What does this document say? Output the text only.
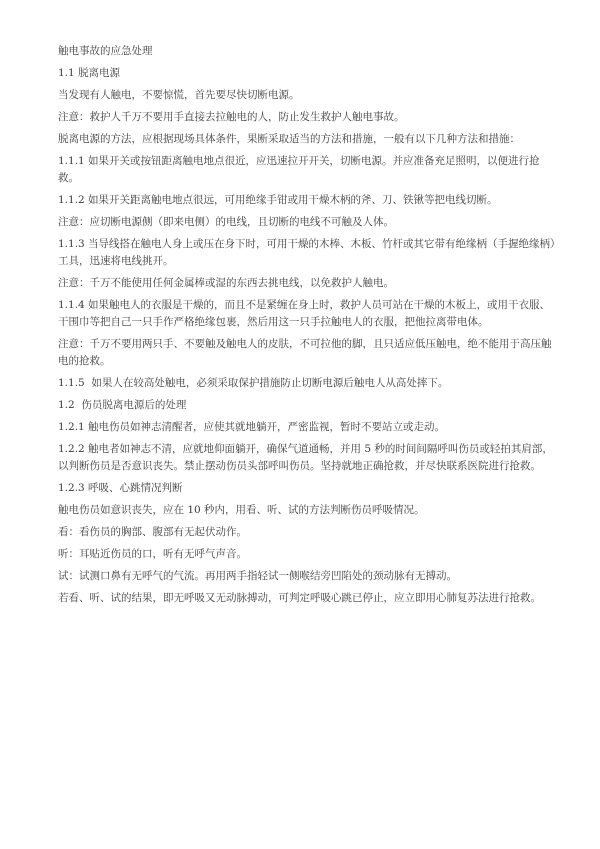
触电事故的应急处理
1.1 脱离电源
当发现有人触电，不要惊慌，首先要尽快切断电源。
注意：救护人千万不要用手直接去拉触电的人，防止发生救护人触电事故。
脱离电源的方法，应根据现场具体条件，果断采取适当的方法和措施，一般有以下几种方法和措施：
1.1.1 如果开关或按钮距离触电地点很近，应迅速拉开开关，切断电源。并应准备充足照明，以便进行抢救。
1.1.2 如果开关距离触电地点很远，可用绝缘手钳或用干燥木柄的斧、刀、铁锹等把电线切断。
注意：应切断电源侧（即来电侧）的电线，且切断的电线不可触及人体。
1.1.3 当导线搭在触电人身上或压在身下时，可用干燥的木棒、木板、竹杆或其它带有绝缘柄（手握绝缘柄）工具，迅速将电线挑开。
注意：千万不能使用任何金属棒或湿的东西去挑电线，以免救护人触电。
1.1.4 如果触电人的衣服是干燥的，而且不是紧缠在身上时，救护人员可站在干燥的木板上，或用干衣服、干围巾等把自己一只手作严格绝缘包裹，然后用这一只手拉触电人的衣服，把他拉离带电体。
注意：千万不要用两只手、不要触及触电人的皮肤，不可拉他的脚，且只适应低压触电，绝不能用于高压触电的抢救。
1.1.5  如果人在较高处触电，必须采取保护措施防止切断电源后触电人从高处摔下。
1.2  伤员脱离电源后的处理
1.2.1 触电伤员如神志清醒者，应使其就地躺开，严密监视，暂时不要站立或走动。
1.2.2 触电者如神志不清，应就地仰面躺开，确保气道通畅，并用 5 秒的时间间隔呼叫伤员或轻拍其肩部，以判断伤员是否意识丧失。禁止摆动伤员头部呼叫伤员。坚持就地正确抢救，并尽快联系医院进行抢救。
1.2.3 呼吸、心跳情况判断
触电伤员如意识丧失，应在 10 秒内，用看、听、试的方法判断伤员呼吸情况。
看：看伤员的胸部、腹部有无起伏动作。
听：耳贴近伤员的口，听有无呼气声音。
试：试测口鼻有无呼气的气流。再用两手指轻试一侧喉结旁凹陷处的颈动脉有无搏动。
若看、听、试的结果，即无呼吸又无动脉搏动，可判定呼吸心跳已停止，应立即用心肺复苏法进行抢救。
